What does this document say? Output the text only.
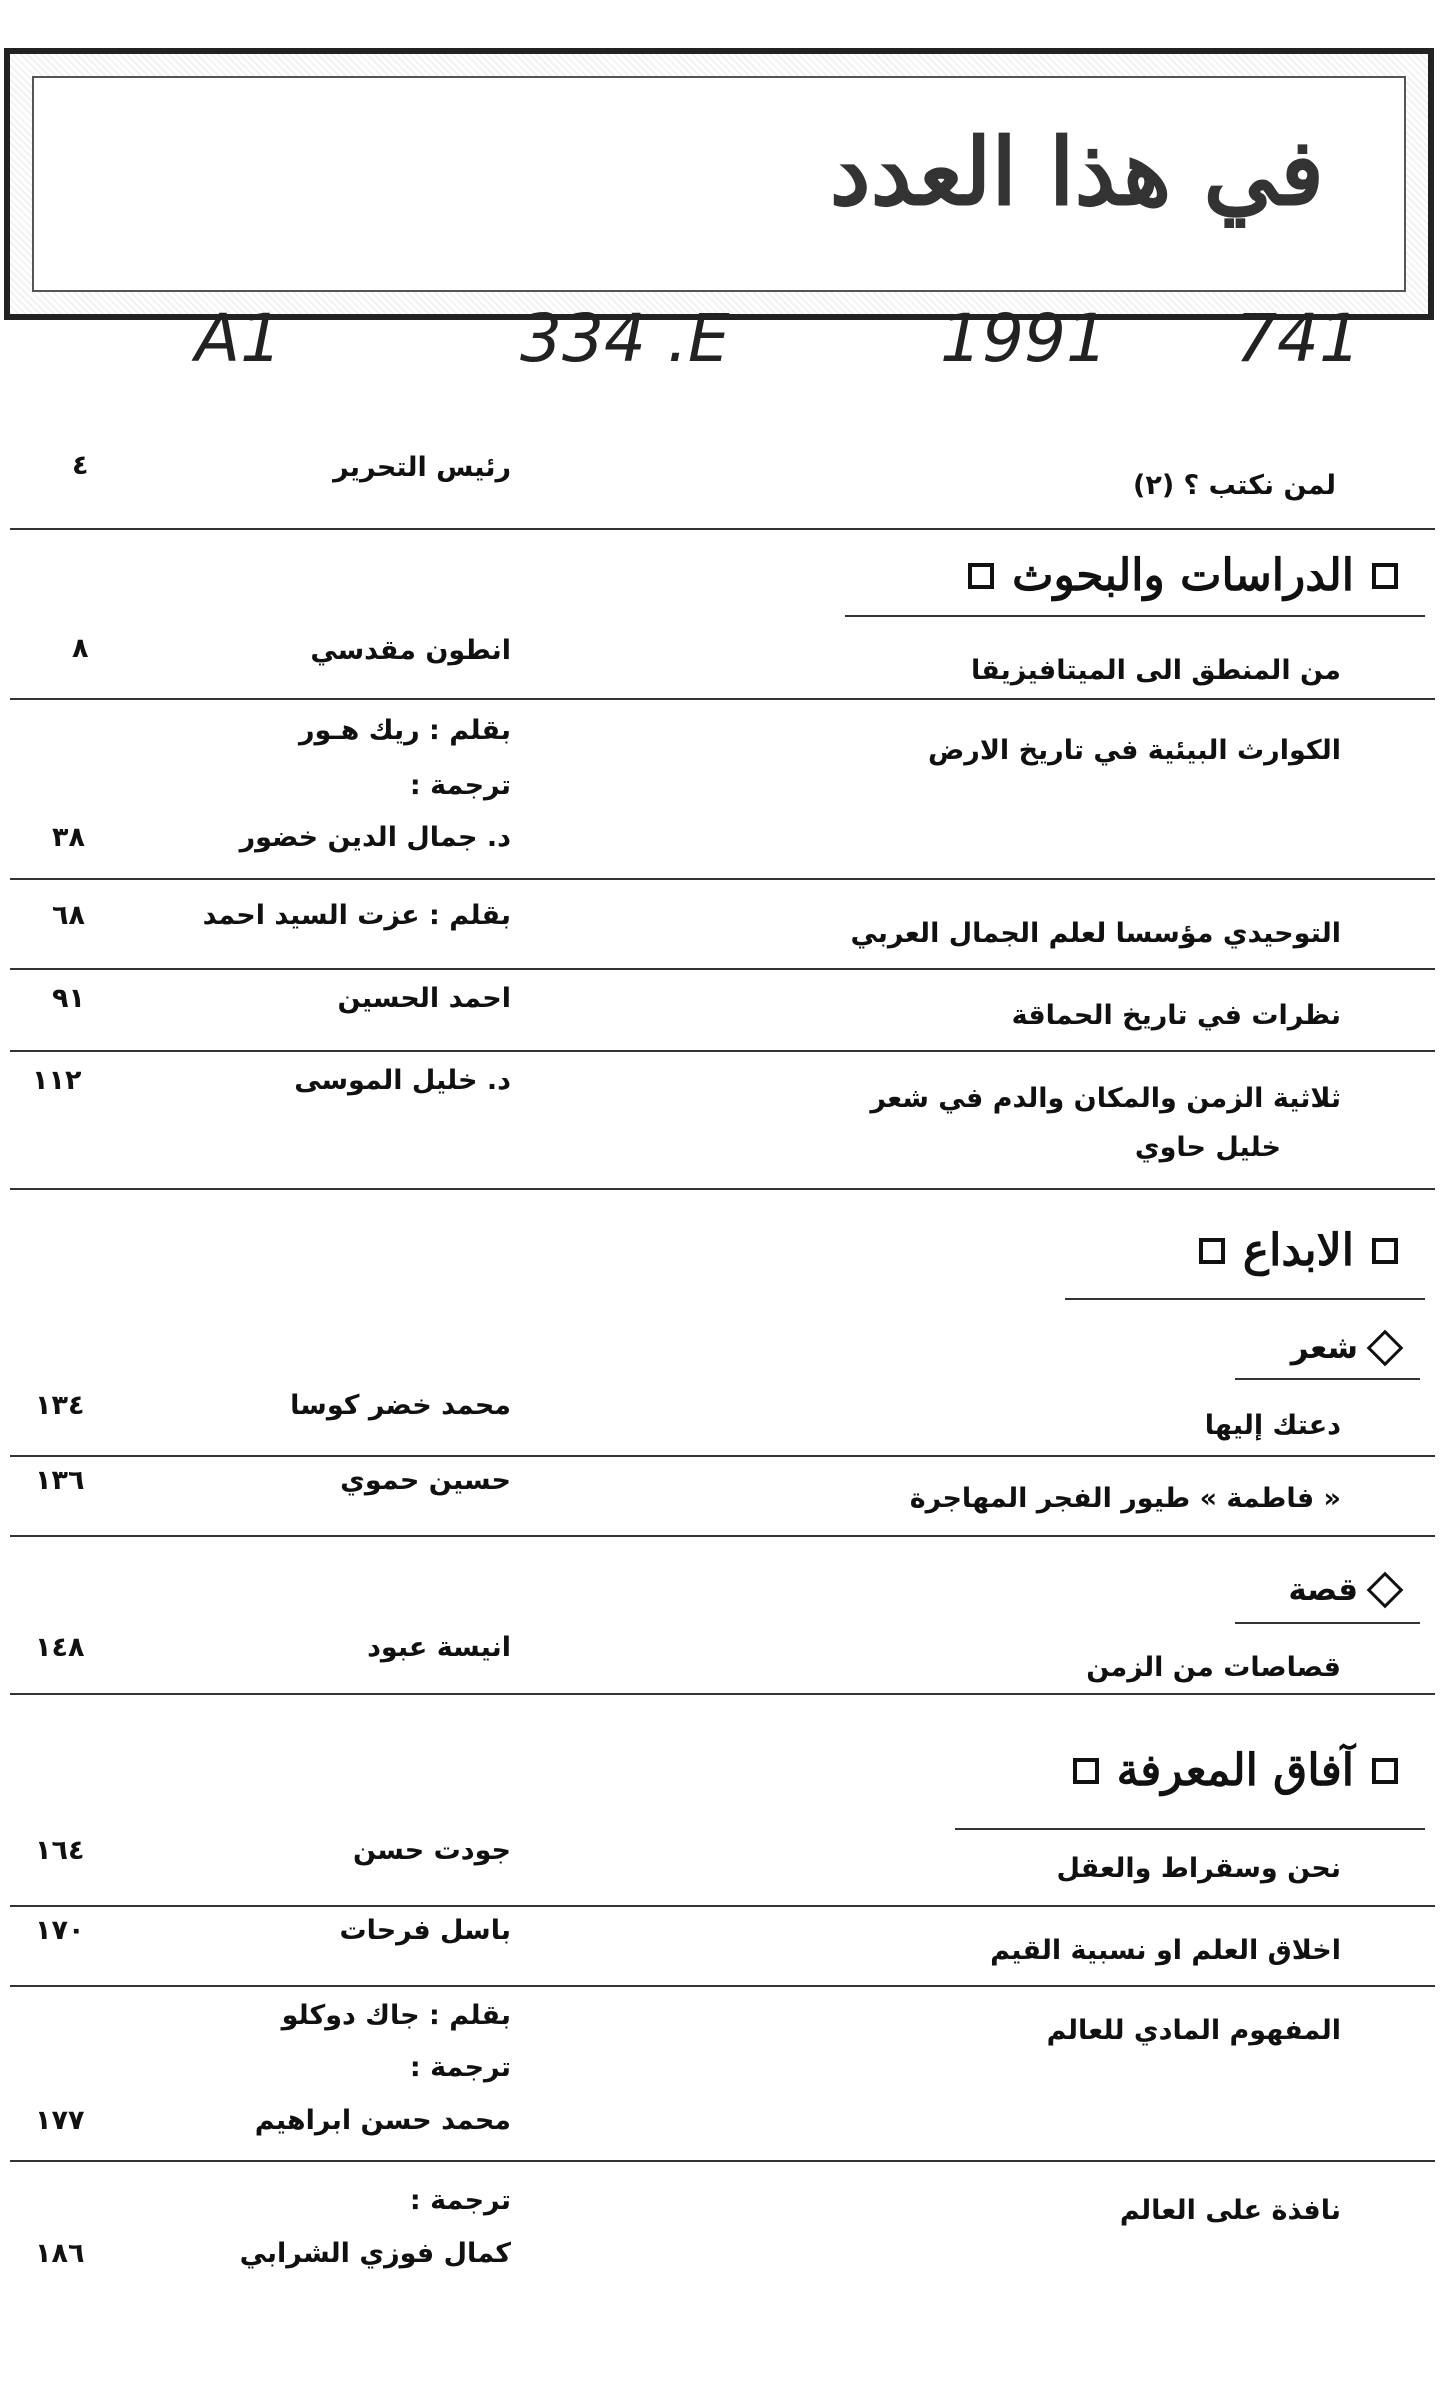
في هذا العدد
A1	334 .E	1991 741
لمن نكتب ؟ (٢)
رئيس التحرير
٤
الدراسات والبحوث
من المنطق الى الميتافيزيقا
انطون مقدسي
٨
الكوارث البيئية في تاريخ الارض
بقلم : ريك هـور
ترجمة :
د. جمال الدين خضور
٣٨
التوحيدي مؤسسا لعلم الجمال العربي
بقلم : عزت السيد احمد
٦٨
نظرات في تاريخ الحماقة
احمد الحسين
٩١
ثلاثية الزمن والمكان والدم في شعر
خليل حاوي
د. خليل الموسى
١١٢
الابداع
شعر
دعتك إليها
محمد خضر كوسا
١٣٤
« فاطمة » طيور الفجر المهاجرة
حسين حموي
١٣٦
قصة
قصاصات من الزمن
انيسة عبود
١٤٨
آفاق المعرفة
نحن وسقراط والعقل
جودت حسن
١٦٤
اخلاق العلم او نسبية القيم
باسل فرحات
١٧٠
المفهوم المادي للعالم
بقلم : جاك دوكلو
ترجمة :
محمد حسن ابراهيم
١٧٧
نافذة على العالم
ترجمة :
كمال فوزي الشرابي
١٨٦
